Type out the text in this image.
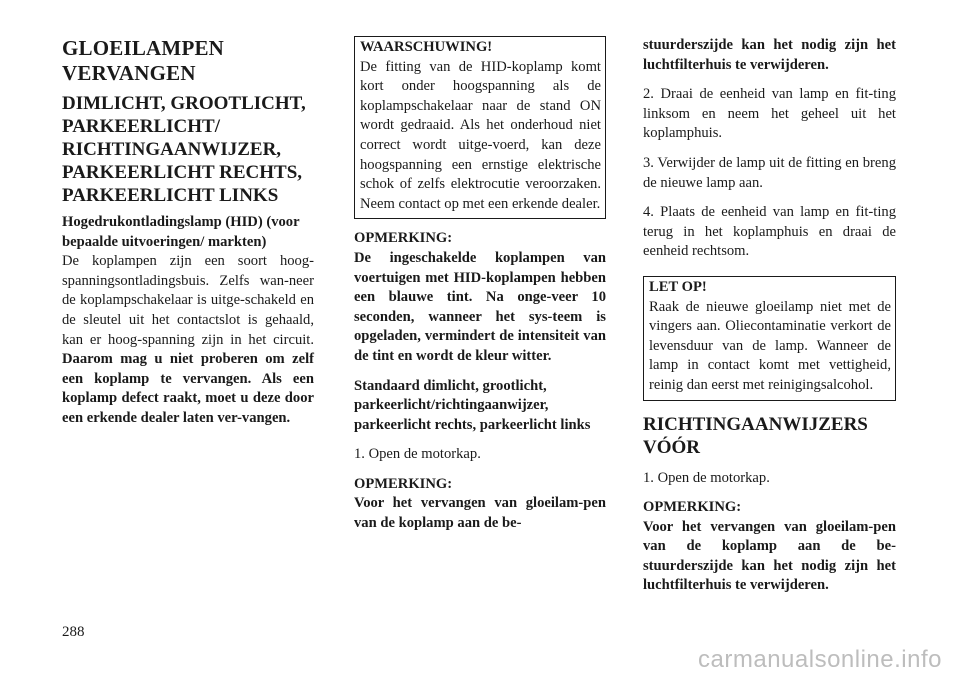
GLOEILAMPEN VERVANGEN

DIMLICHT, GROOTLICHT, PARKEERLICHT/ RICHTINGAANWIJZER, PARKEERLICHT RECHTS, PARKEERLICHT LINKS

Hogedrukontladingslamp (HID) (voor bepaalde uitvoeringen/ markten)

De koplampen zijn een soort hoog-spanningsontladingsbuis. Zelfs wan-neer de koplampschakelaar is uitge-schakeld en de sleutel uit het contactslot is gehaald, kan er hoog-spanning zijn in het circuit. Daarom mag u niet proberen om zelf een koplamp te vervangen. Als een koplamp defect raakt, moet u deze door een erkende dealer laten ver-vangen.

WAARSCHUWING!

De fitting van de HID-koplamp komt kort onder hoogspanning als de koplampschakelaar naar de stand ON wordt gedraaid. Als het onderhoud niet correct wordt uitge-voerd, kan deze hoogspanning een ernstige elektrische schok of zelfs elektrocutie veroorzaken. Neem contact op met een erkende dealer.

OPMERKING:

De ingeschakelde koplampen van voertuigen met HID-koplampen hebben een blauwe tint. Na onge-veer 10 seconden, wanneer het sys-teem is opgeladen, vermindert de intensiteit van de tint en wordt de kleur witter.

Standaard dimlicht, grootlicht, parkeerlicht/richtingaanwijzer, parkeerlicht rechts, parkeerlicht links

1. Open de motorkap.

OPMERKING:

Voor het vervangen van gloeilam-pen van de koplamp aan de be-

stuurderszijde kan het nodig zijn het luchtfilterhuis te verwijderen.

2. Draai de eenheid van lamp en fit-ting linksom en neem het geheel uit het koplamphuis.

3. Verwijder de lamp uit de fitting en breng de nieuwe lamp aan.

4. Plaats de eenheid van lamp en fit-ting terug in het koplamphuis en draai de eenheid rechtsom.

LET OP!

Raak de nieuwe gloeilamp niet met de vingers aan. Oliecontaminatie verkort de levensduur van de lamp. Wanneer de lamp in contact komt met vettigheid, reinig dan eerst met reinigingsalcohol.

RICHTINGAANWIJZERS VÓÓR

1. Open de motorkap.

OPMERKING:

Voor het vervangen van gloeilam-pen van de koplamp aan de be-stuurderszijde kan het nodig zijn het luchtfilterhuis te verwijderen.

288
carmanualsonline.info
